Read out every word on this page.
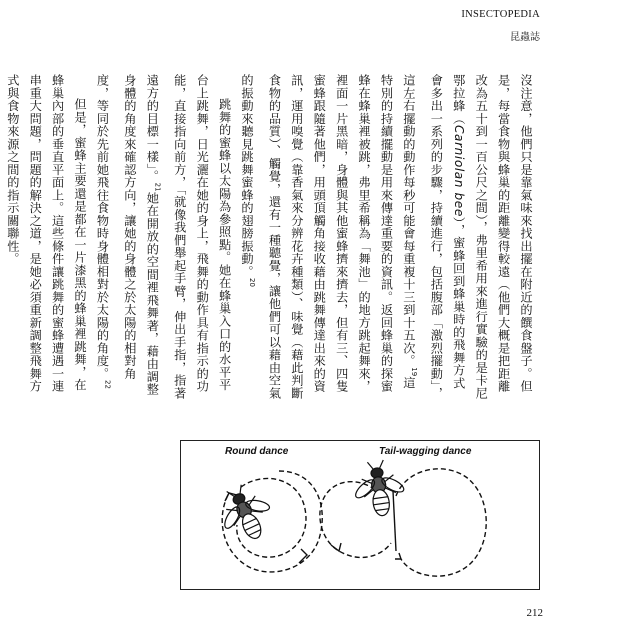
INSECTOPEDIA
昆蟲誌

沒注意，他們只是靠氣味來找出擺在附近的饌食盤子。但是，每當食物與蜂巢的距離變得較遠（他們大概是把距離改為五十到一百公尺之間），弗里希用來進行實驗的是卡尼鄂拉蜂（Carniolan bee），蜜蜂回到蜂巢時的飛舞方式會多出一系列的步驟，持續進行，包括腹部「激烈擺動」，這左右擺動的動作每秒可能會每重複十三到十五次。$^{19}$這特別的持續擺動是用來傳達重要的資訊。返回蜂巢的探蜜蜂在蜂巢裡被跳，弗里希稱為「舞池」的地方跳起舞來，裡面一片黑暗，身體與其他蜜蜂擠來擠去，但有三、四隻蜜蜂跟隨著他們，用頭頂觸角接收藉由跳舞傳達出來的資訊，運用嗅覺（靠香氣來分辨花卉種類）、味覺（藉此判斷食物的品質）、觸覺，還有一種聽覺，讓他們可以藉由空氣的振動來聽見跳舞蜜蜂的翅膀振動。$^{20}$

跳舞的蜜蜂以太陽為參照點。她在蜂巢入口的水平平台上跳舞，日光灑在她的身上，飛舞的動作具有指示的功能，直接指向前方，「就像我們舉起手臂，伸出手指，指著遠方的目標一樣」。$^{21}$她在開放的空間裡飛舞著，藉由調整身體的角度來確認方向，讓她的身體之於太陽的相對角度，等同於先前她飛往食物時身體相對於太陽的角度。$^{22}$

但是，蜜蜂主要還是都在一片漆黑的蜂巢裡跳舞，在蜂巢內部的垂直平面上。這些條件讓跳舞的蜜蜂遭遇一連串重大問題，問題的解決之道，是她必須重新調整飛舞方式與食物來源之間的指示關聯性。

Round dance	Tail-wagging dance
212
